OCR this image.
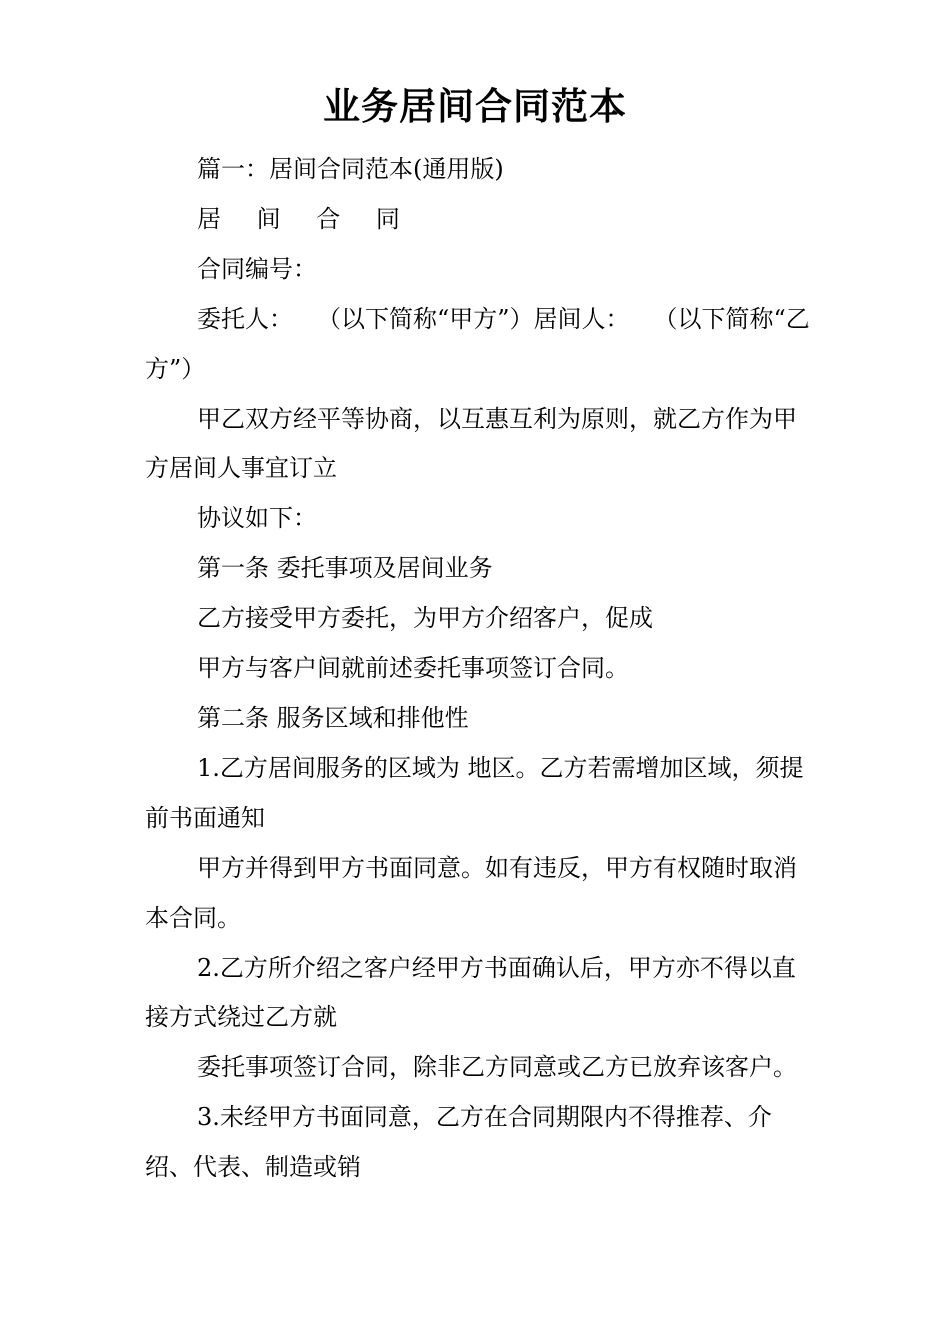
业务居间合同范本

篇一：居间合同范本(通用版)

居 间 合 同

合同编号：

委托人：　　（以下简称“甲方”）居间人：　　（以下简称“乙方”）

甲乙双方经平等协商，以互惠互利为原则，就乙方作为甲方居间人事宜订立

协议如下：

第一条 委托事项及居间业务

乙方接受甲方委托，为甲方介绍客户，促成

甲方与客户间就前述委托事项签订合同。

第二条 服务区域和排他性

1.乙方居间服务的区域为 地区。乙方若需增加区域，须提前书面通知

甲方并得到甲方书面同意。如有违反，甲方有权随时取消本合同。

2.乙方所介绍之客户经甲方书面确认后，甲方亦不得以直接方式绕过乙方就

委托事项签订合同，除非乙方同意或乙方已放弃该客户。

3.未经甲方书面同意，乙方在合同期限内不得推荐、介绍、代表、制造或销
